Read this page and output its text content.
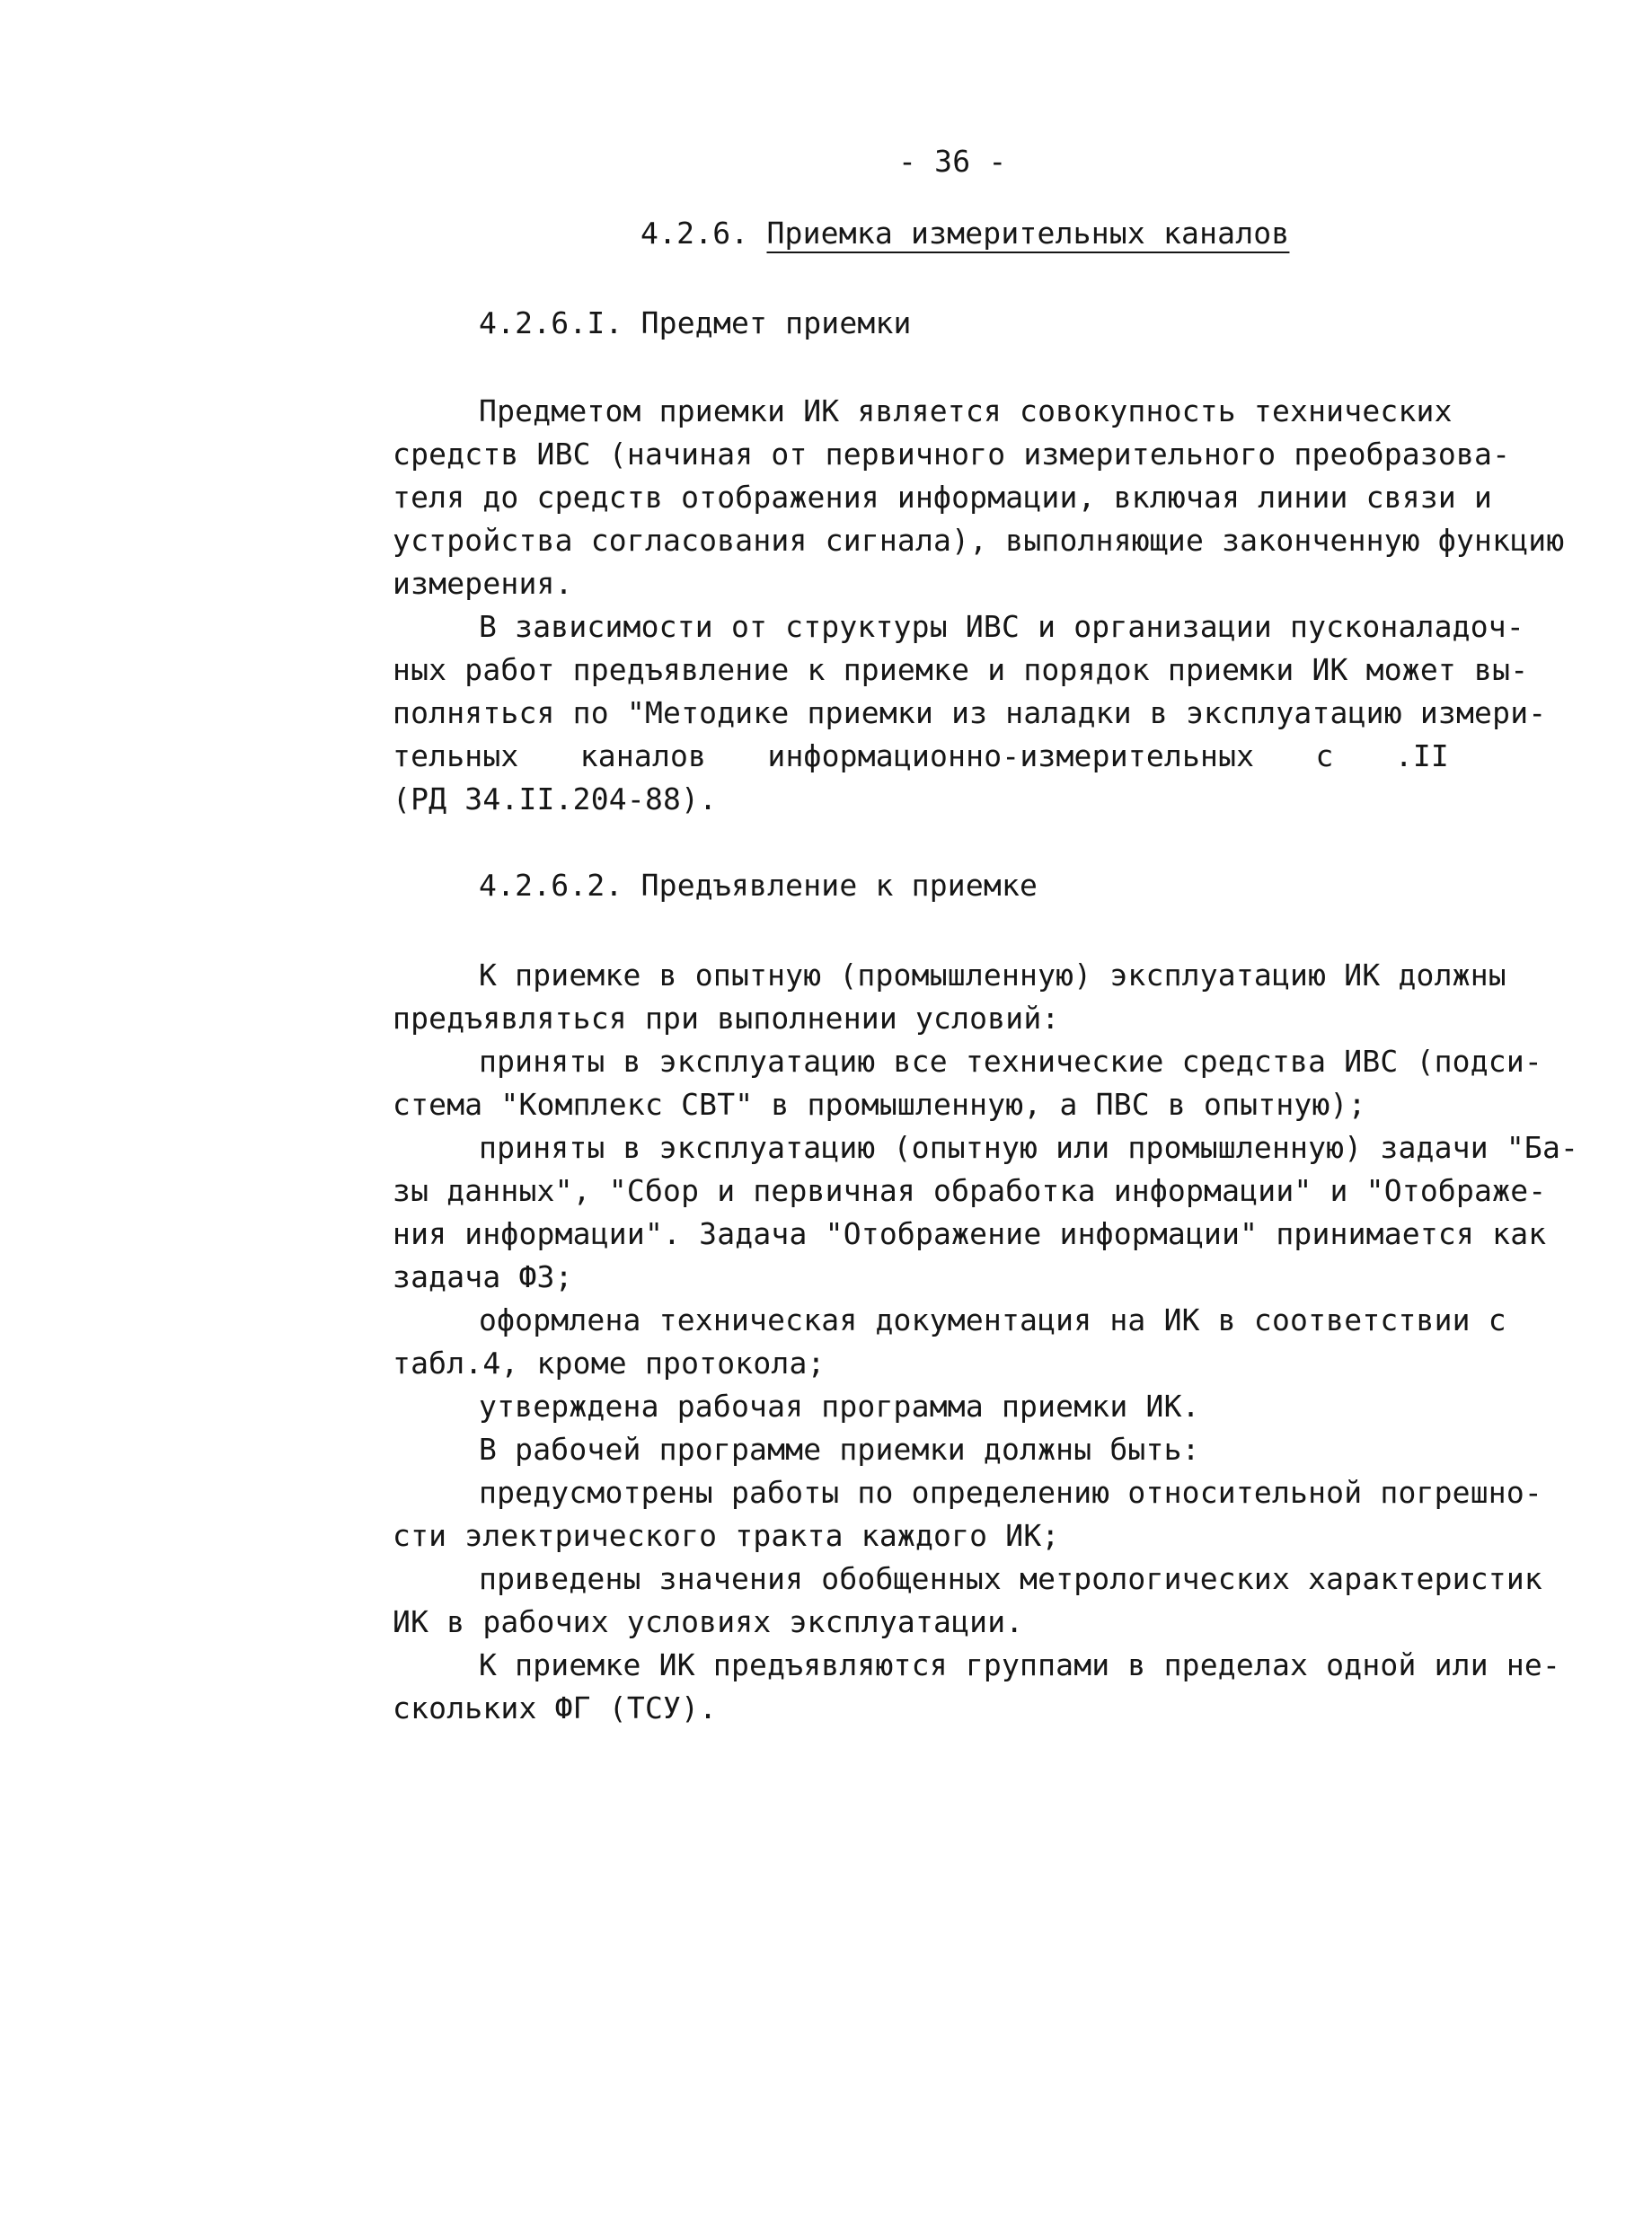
- 36 -
4.2.6. Приемка измерительных каналов
4.2.6.I. Предмет приемки
Предметом приемки ИК является совокупность технических
средств ИВС (начиная от первичного измерительного преобразова-
теля до средств отображения информации, включая линии связи и
устройства согласования сигнала), выполняющие законченную функцию
измерения.
В зависимости от структуры ИВС и организации пусконаладоч-
ных работ предъявление к приемке и порядок приемки ИК может вы-
полняться по "Методике приемки из наладки в эксплуатацию измери-
тельных каналов информационно-измерительных с .II
(РД 34.II.204-88).
4.2.6.2. Предъявление к приемке
К приемке в опытную (промышленную) эксплуатацию ИК должны
предъявляться при выполнении условий:
приняты в эксплуатацию все технические средства ИВС (подси-
стема "Комплекс СВТ" в промышленную, а ПВС в опытную);
приняты в эксплуатацию (опытную или промышленную) задачи "Ба-
зы данных", "Сбор и первичная обработка информации" и "Отображе-
ния информации". Задача "Отображение информации" принимается как
задача ФЗ;
оформлена техническая документация на ИК в соответствии с
табл.4, кроме протокола;
утверждена рабочая программа приемки ИК.
В рабочей программе приемки должны быть:
предусмотрены работы по определению относительной погрешно-
сти электрического тракта каждого ИК;
приведены значения обобщенных метрологических характеристик
ИК в рабочих условиях эксплуатации.
К приемке ИК предъявляются группами в пределах одной или не-
скольких ФГ (ТСУ).
